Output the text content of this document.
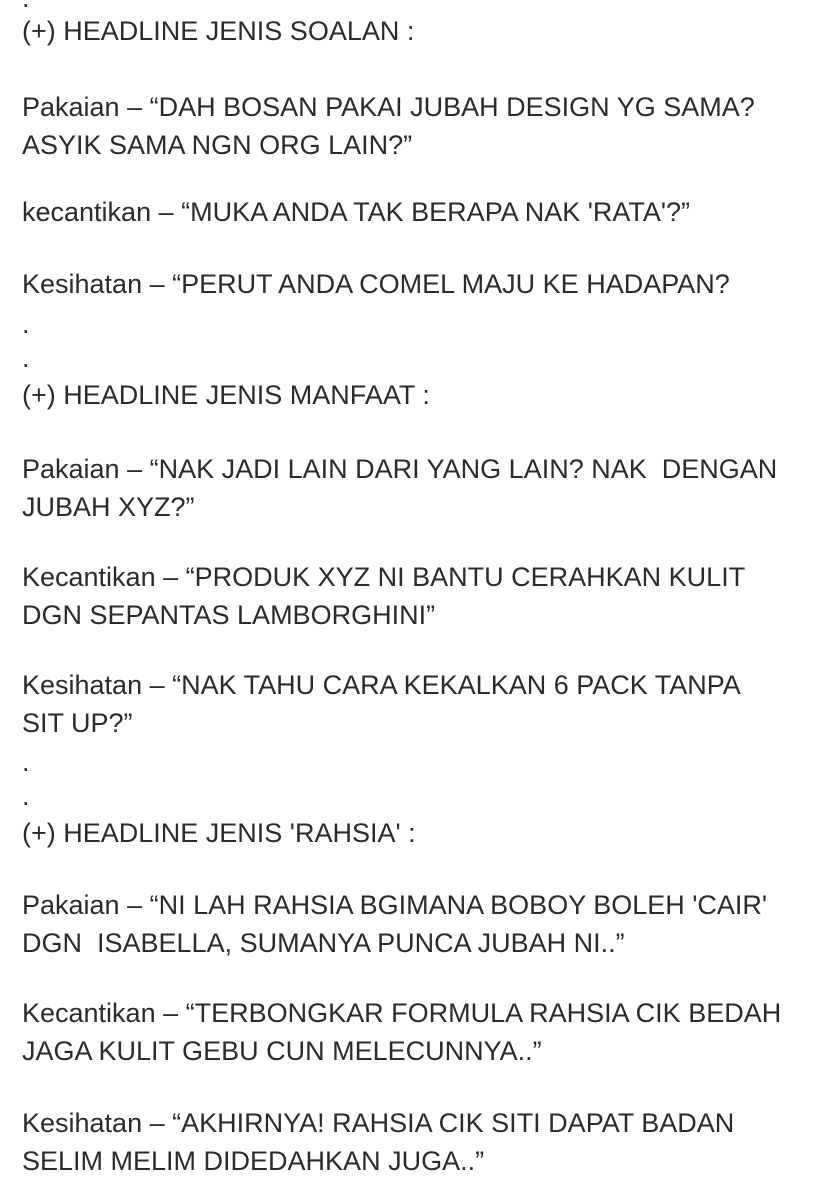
(+) HEADLINE JENIS SOALAN :
Pakaian – “DAH BOSAN PAKAI JUBAH DESIGN YG SAMA?
ASYIK SAMA NGN ORG LAIN?”
kecantikan – “MUKA ANDA TAK BERAPA NAK 'RATA'?”
Kesihatan – “PERUT ANDA COMEL MAJU KE HADAPAN?
.
.
(+) HEADLINE JENIS MANFAAT :
Pakaian – “NAK JADI LAIN DARI YANG LAIN? NAK  DENGAN
JUBAH XYZ?”
Kecantikan – “PRODUK XYZ NI BANTU CERAHKAN KULIT
DGN SEPANTAS LAMBORGHINI”
Kesihatan – “NAK TAHU CARA KEKALKAN 6 PACK TANPA
SIT UP?”
.
.
(+) HEADLINE JENIS 'RAHSIA' :
Pakaian – “NI LAH RAHSIA BGIMANA BOBOY BOLEH 'CAIR'
DGN  ISABELLA, SUMANYA PUNCA JUBAH NI..”
Kecantikan – “TERBONGKAR FORMULA RAHSIA CIK BEDAH
JAGA KULIT GEBU CUN MELECUNNYA..”
Kesihatan – “AKHIRNYA! RAHSIA CIK SITI DAPAT BADAN
SELIM MELIM DIDEDAHKAN JUGA..”
